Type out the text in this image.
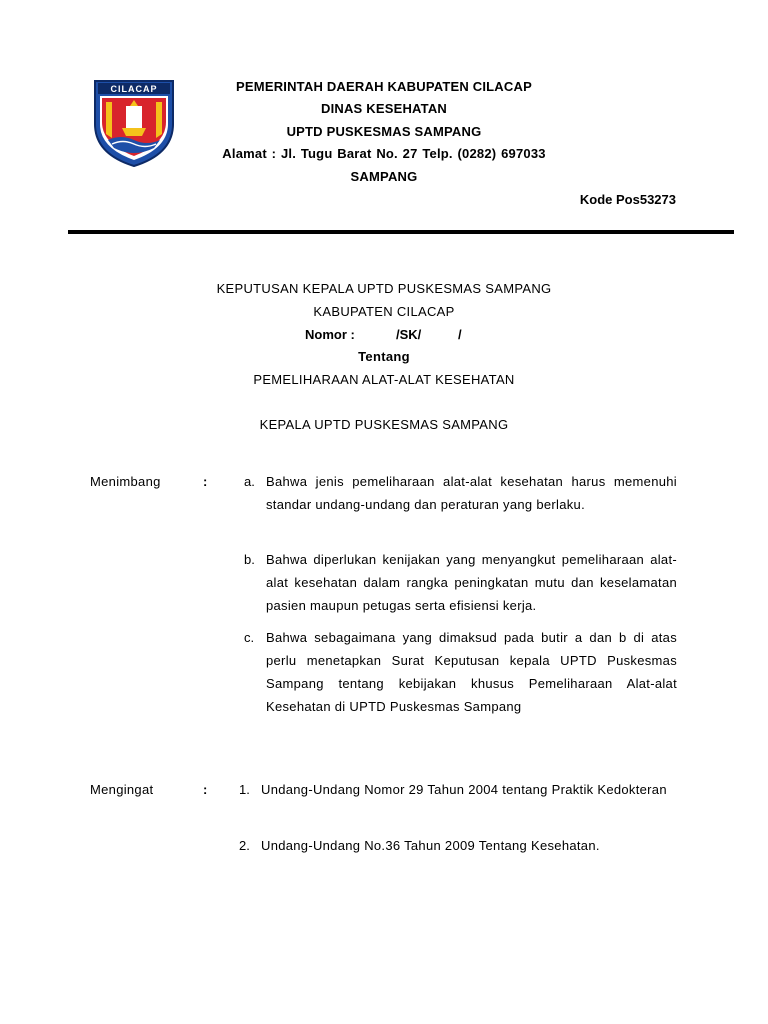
CILACAP	PEMERINTAH DAERAH KABUPATEN CILACAP
DINAS KESEHATAN
UPTD PUSKESMAS SAMPANG
Alamat : Jl. Tugu Barat No. 27 Telp. (0282) 697033
SAMPANG
Kode Pos53273
KEPUTUSAN KEPALA UPTD PUSKESMAS SAMPANG
KABUPATEN CILACAP
Nomor :	/SK/	/
Tentang
PEMELIHARAAN ALAT-ALAT KESEHATAN
KEPALA UPTD PUSKESMAS SAMPANG
Menimbang	:	a. Bahwa jenis pemeliharaan alat-alat kesehatan harus memenuhi standar undang-undang dan peraturan yang berlaku.
b. Bahwa diperlukan kenijakan yang menyangkut pemeliharaan alat-alat kesehatan dalam rangka peningkatan mutu dan keselamatan pasien maupun petugas serta efisiensi kerja.
c. Bahwa sebagaimana yang dimaksud pada butir a dan b di atas perlu menetapkan Surat Keputusan kepala UPTD Puskesmas Sampang tentang kebijakan khusus Pemeliharaan Alat-alat Kesehatan di UPTD Puskesmas Sampang
Mengingat	: 1. Undang-Undang Nomor 29 Tahun 2004 tentang Praktik Kedokteran
2. Undang-Undang No.36 Tahun 2009 Tentang Kesehatan.
